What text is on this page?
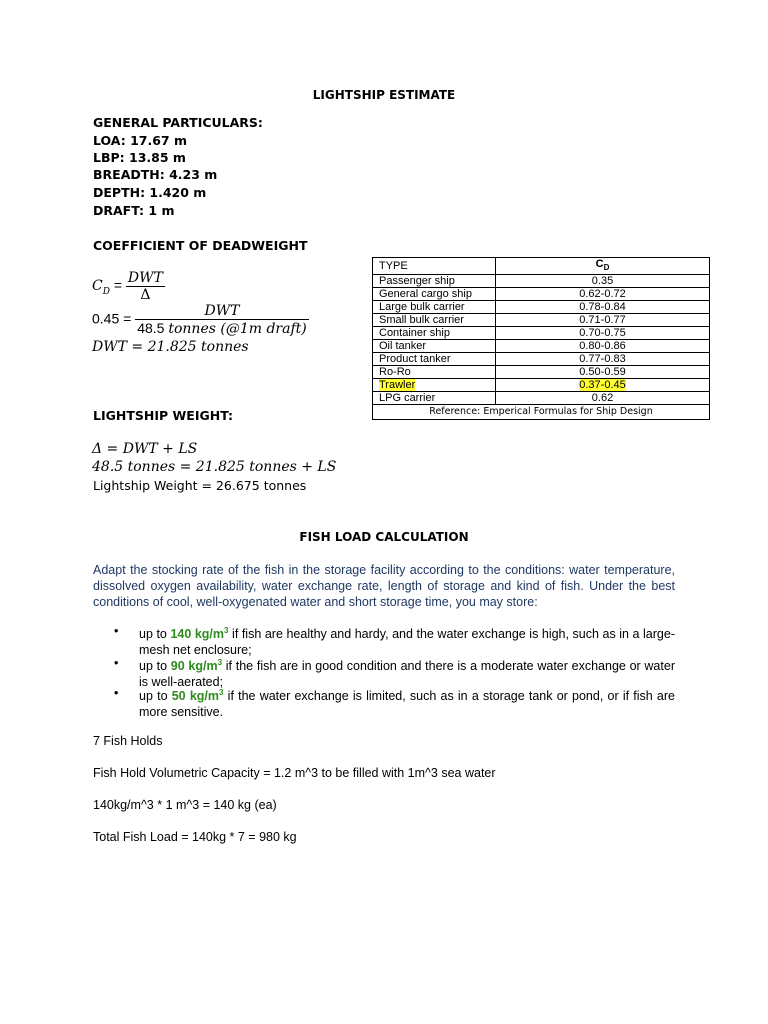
LIGHTSHIP ESTIMATE
GENERAL PARTICULARS:
LOA: 17.67 m
LBP: 13.85 m
BREADTH: 4.23 m
DEPTH: 1.420 m
DRAFT: 1 m
COEFFICIENT OF DEADWEIGHT
$C_D = \frac{\text{DWT}}{\Delta}$
$0.45 = \frac{\text{DWT}}{\text{48.5 tonnes (@1m draft)}}$
DWT = 21.825 tonnes
TYPE	$C_D$
Passenger ship	0.35
General cargo ship	0.62-0.72
Large bulk carrier	0.78-0.84
Small bulk carrier	0.71-0.77
Container ship	0.70-0.75
Oil tanker	0.80-0.86
Product tanker	0.77-0.83
Ro-Ro	0.50-0.59
Trawler	0.37-0.45
LPG carrier	0.62
Reference: Emperical Formulas for Ship Design	
LIGHTSHIP WEIGHT:
Δ = DWT + LS
48.5 tonnes = 21.825 tonnes + LS
Lightship Weight = 26.675 tonnes
FISH LOAD CALCULATION
Adapt the stocking rate of the fish in the storage facility according to the conditions: water temperature, dissolved oxygen availability, water exchange rate, length of storage and kind of fish. Under the best conditions of cool, well-oxygenated water and short storage time, you may store:
• up to 140 $kg/m^3$ if fish are healthy and hardy, and the water exchange is high, such as in a large-mesh net enclosure;
• up to 90 $kg/m^3$ if the fish are in good condition and there is a moderate water exchange or water is well-aerated;
• up to 50 $kg/m^3$ if the water exchange is limited, such as in a storage tank or pond, or if fish are more sensitive.
7 Fish Holds
Fish Hold Volumetric Capacity = 1.2 m^3 to be filled with 1m^3 sea water
140kg/m^3 * 1 m^3 = 140 kg (ea)
Total Fish Load = 140kg * 7 = 980 kg
